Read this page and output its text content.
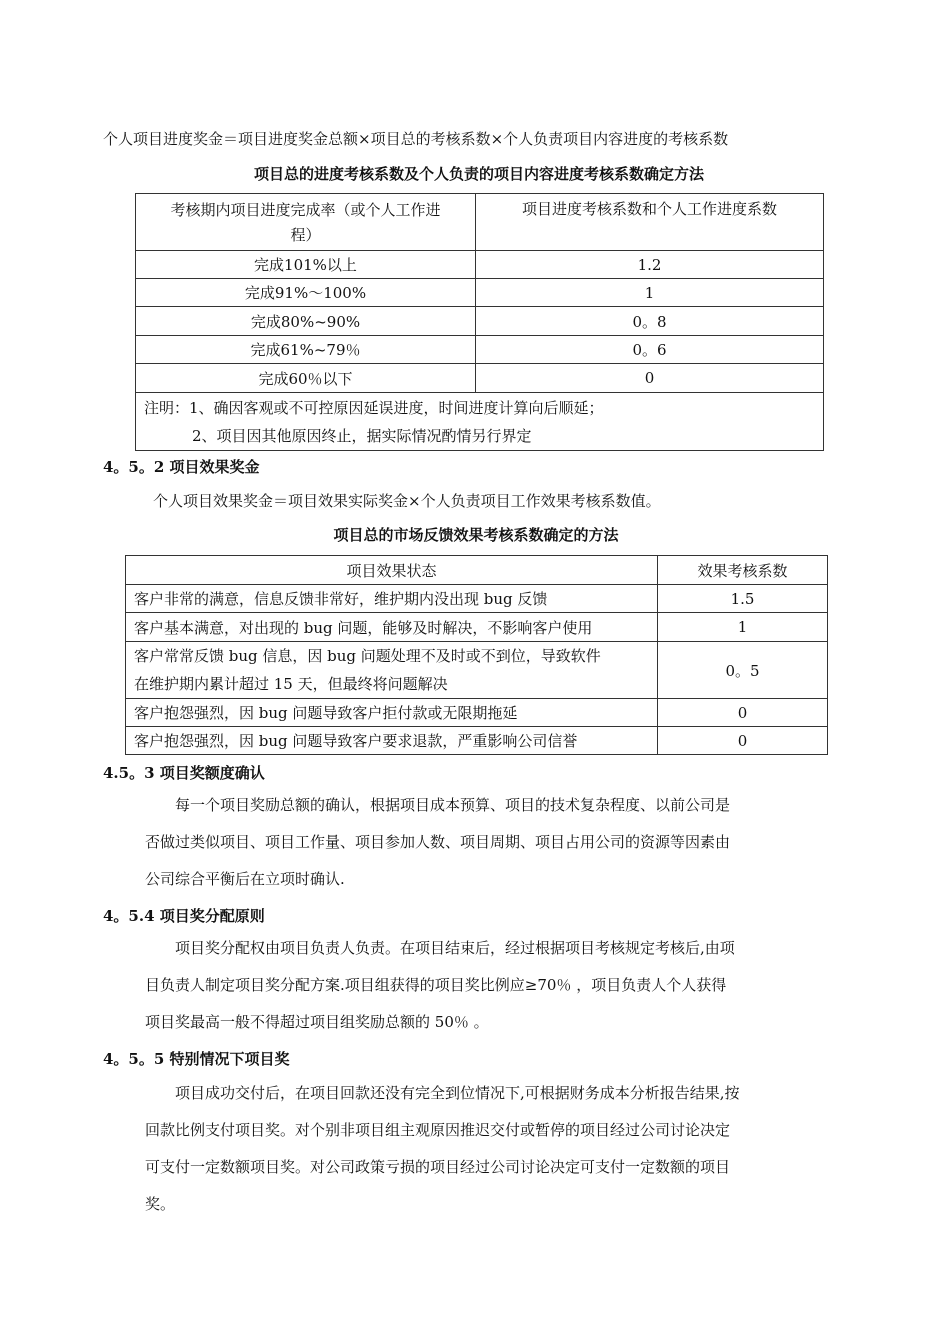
个人项目进度奖金＝项目进度奖金总额×项目总的考核系数×个人负责项目内容进度的考核系数
项目总的进度考核系数及个人负责的项目内容进度考核系数确定方法
考核期内项目进度完成率（或个人工作进
程）	项目进度考核系数和个人工作进度系数
完成101%以上	1.2
完成91%～100%	1
完成80%~90%	0。8
完成61%~79％	0。6
完成60％以下	0

注明：1、确因客观或不可控原因延误进度，时间进度计算向后顺延；
2、项目因其他原因终止，据实际情况酌情另行界定	
4。5。2 项目效果奖金
个人项目效果奖金＝项目效果实际奖金×个人负责项目工作效果考核系数值。
项目总的市场反馈效果考核系数确定的方法
项目效果状态	效果考核系数
客户非常的满意，信息反馈非常好，维护期内没出现 bug 反馈	1.5
客户基本满意，对出现的 bug 问题，能够及时解决，不影响客户使用	1

客户常常反馈 bug 信息，因 bug 问题处理不及时或不到位，导致软件
在维护期内累计超过 15 天，但最终将问题解决	0。5
客户抱怨强烈，因 bug 问题导致客户拒付款或无限期拖延	0
客户抱怨强烈，因 bug 问题导致客户要求退款，严重影响公司信誉	0
4.5。3 项目奖额度确认
每一个项目奖励总额的确认，根据项目成本预算、项目的技术复杂程度、以前公司是
否做过类似项目、项目工作量、项目参加人数、项目周期、项目占用公司的资源等因素由
公司综合平衡后在立项时确认.
4。5.4 项目奖分配原则
项目奖分配权由项目负责人负责。在项目结束后，经过根据项目考核规定考核后,由项
目负责人制定项目奖分配方案.项目组获得的项目奖比例应≥70％ ，项目负责人个人获得
项目奖最高一般不得超过项目组奖励总额的 50％ 。
4。5。5 特别情况下项目奖
项目成功交付后，在项目回款还没有完全到位情况下,可根据财务成本分析报告结果,按
回款比例支付项目奖。对个别非项目组主观原因推迟交付或暂停的项目经过公司讨论决定
可支付一定数额项目奖。对公司政策亏损的项目经过公司讨论决定可支付一定数额的项目
奖。
